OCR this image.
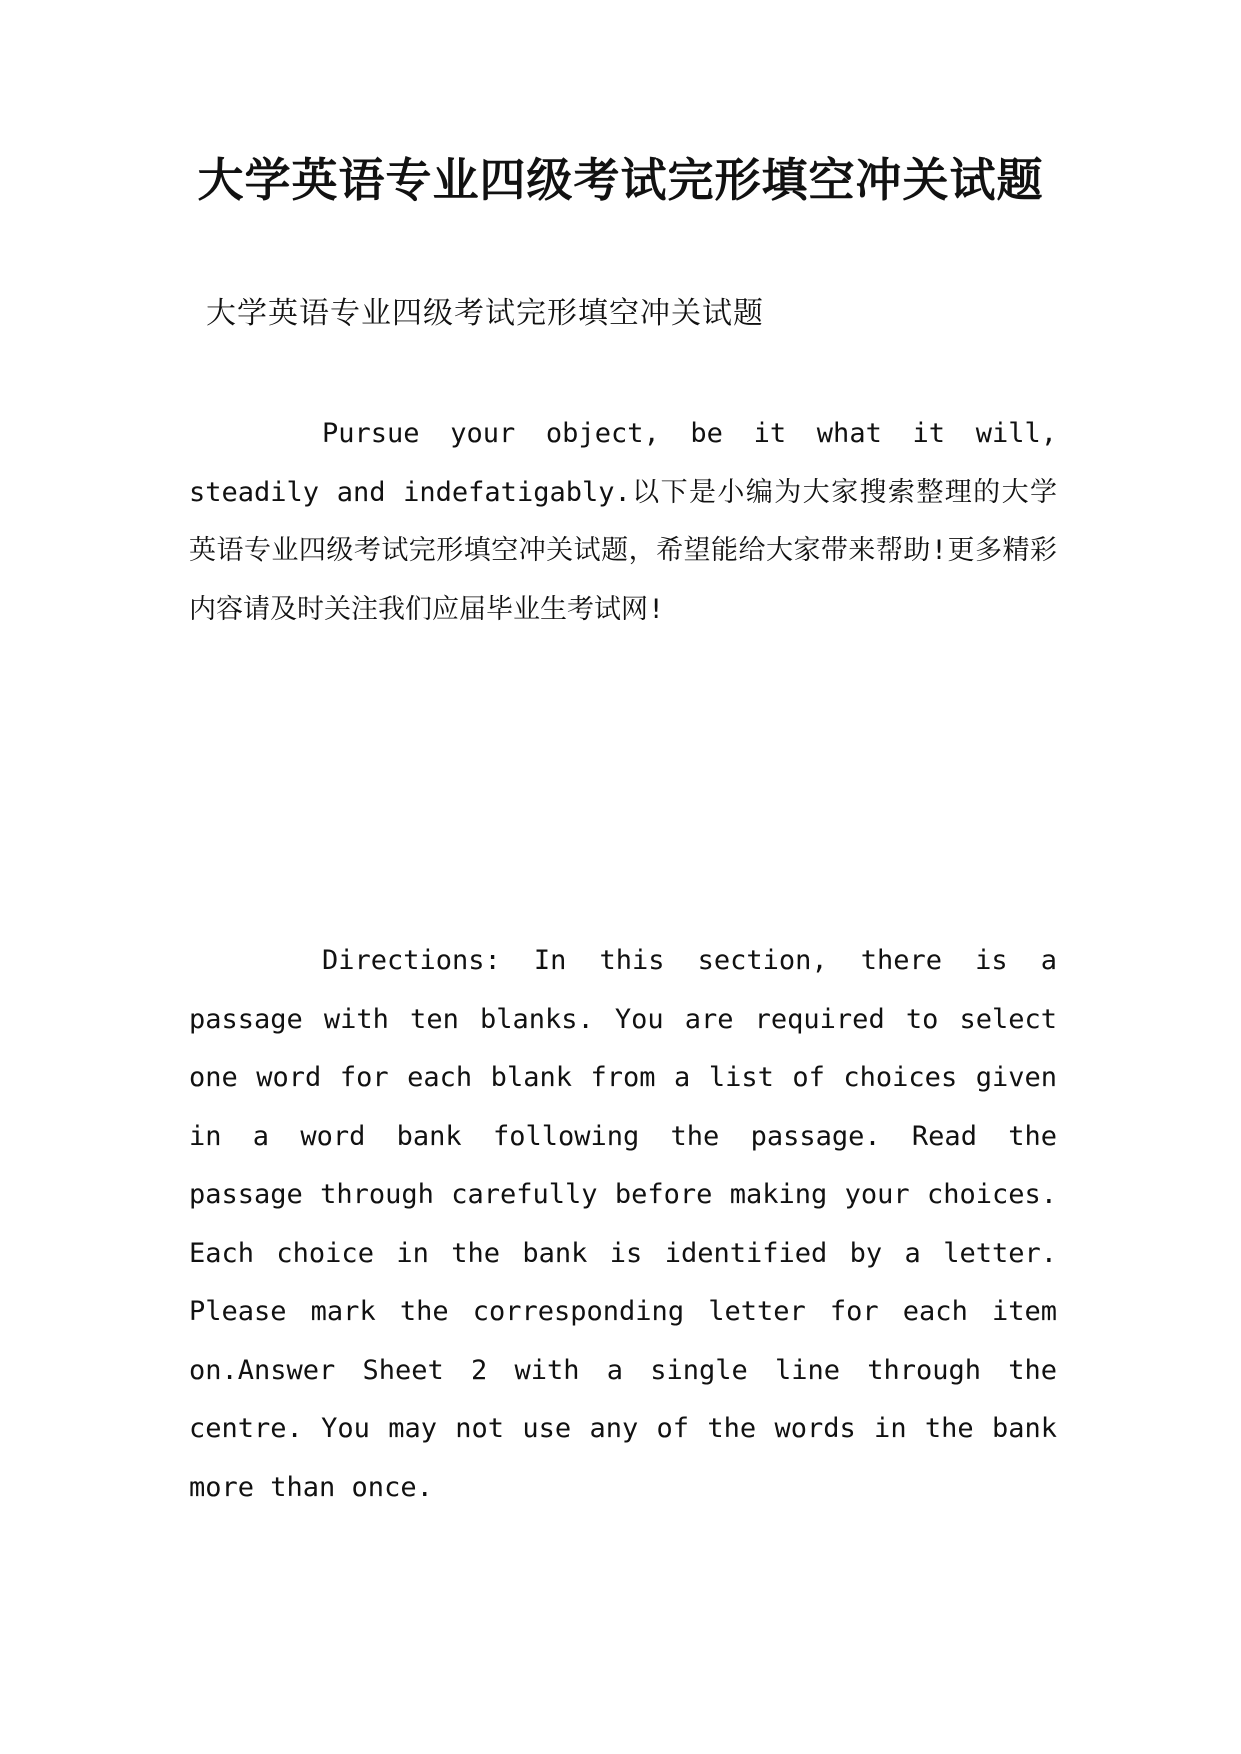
大学英语专业四级考试完形填空冲关试题

大学英语专业四级考试完形填空冲关试题

Pursue your object, be it what it will, steadily and indefatigably.以下是小编为大家搜索整理的大学英语专业四级考试完形填空冲关试题，希望能给大家带来帮助!更多精彩内容请及时关注我们应届毕业生考试网!

Directions: In this section, there is a passage with ten blanks. You are required to select one word for each blank from a list of choices given in a word bank following the passage. Read the passage through carefully before making your choices. Each choice in the bank is identified by a letter. Please mark the corresponding letter for each item on.Answer Sheet 2 with a single line through the centre. You may not use any of the words in the bank more than once.
